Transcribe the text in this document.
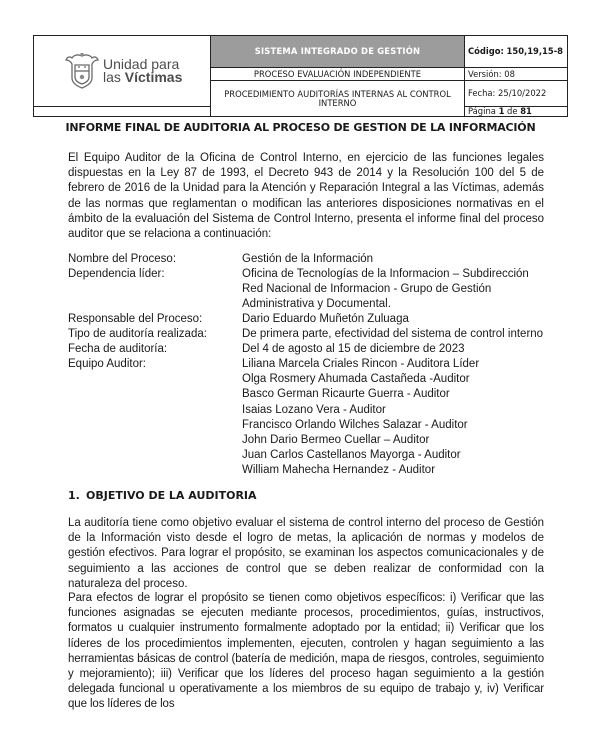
Unidad para
las Víctimas	SISTEMA INTEGRADO DE GESTIÓN	Código: 150,19,15-8
	PROCESO EVALUACIÓN INDEPENDIENTE	Versión: 08
	PROCEDIMIENTO AUDITORÍAS INTERNAS AL CONTROL INTERNO	Fecha: 25/10/2022
		Página 1 de 81
INFORME FINAL DE AUDITORIA AL PROCESO DE GESTION DE LA INFORMACIÓN
El Equipo Auditor de la Oficina de Control Interno, en ejercicio de las funciones legales dispuestas en la Ley 87 de 1993, el Decreto 943 de 2014 y la Resolución 100 del 5 de febrero de 2016 de la Unidad para la Atención y Reparación Integral a las Víctimas, además de las normas que reglamentan o modifican las anteriores disposiciones normativas en el ámbito de la evaluación del Sistema de Control Interno, presenta el informe final del proceso auditor que se relaciona a continuación:
Nombre del Proceso:	Gestión de la Información
Dependencia líder:	Oficina de Tecnologías de la Informacion – Subdirección Red Nacional de Informacion - Grupo de Gestión Administrativa y Documental.
Responsable del Proceso:	Dario Eduardo Muñetón Zuluaga
Tipo de auditoría realizada:	De primera parte, efectividad del sistema de control interno
Fecha de auditoría:	Del 4 de agosto al 15 de diciembre de 2023
Equipo Auditor:	Liliana Marcela Criales Rincon - Auditora Líder
Olga Rosmery Ahumada Castañeda -Auditor
Basco German Ricaurte Guerra - Auditor
Isaias Lozano Vera - Auditor
Francisco Orlando Wilches Salazar - Auditor
John Dario Bermeo Cuellar – Auditor
Juan Carlos Castellanos Mayorga - Auditor
William Mahecha Hernandez - Auditor
1. OBJETIVO DE LA AUDITORIA
La auditoría tiene como objetivo evaluar el sistema de control interno del proceso de Gestión de la Información visto desde el logro de metas, la aplicación de normas y modelos de gestión efectivos. Para lograr el propósito, se examinan los aspectos comunicacionales y de seguimiento a las acciones de control que se deben realizar de conformidad con la naturaleza del proceso.
Para efectos de lograr el propósito se tienen como objetivos específicos: i) Verificar que las funciones asignadas se ejecuten mediante procesos, procedimientos, guías, instructivos, formatos u cualquier instrumento formalmente adoptado por la entidad; ii) Verificar que los líderes de los procedimientos implementen, ejecuten, controlen y hagan seguimiento a las herramientas básicas de control (batería de medición, mapa de riesgos, controles, seguimiento y mejoramiento); iii) Verificar que los líderes del proceso hagan seguimiento a la gestión delegada funcional u operativamente a los miembros de su equipo de trabajo y, iv) Verificar que los líderes de los
